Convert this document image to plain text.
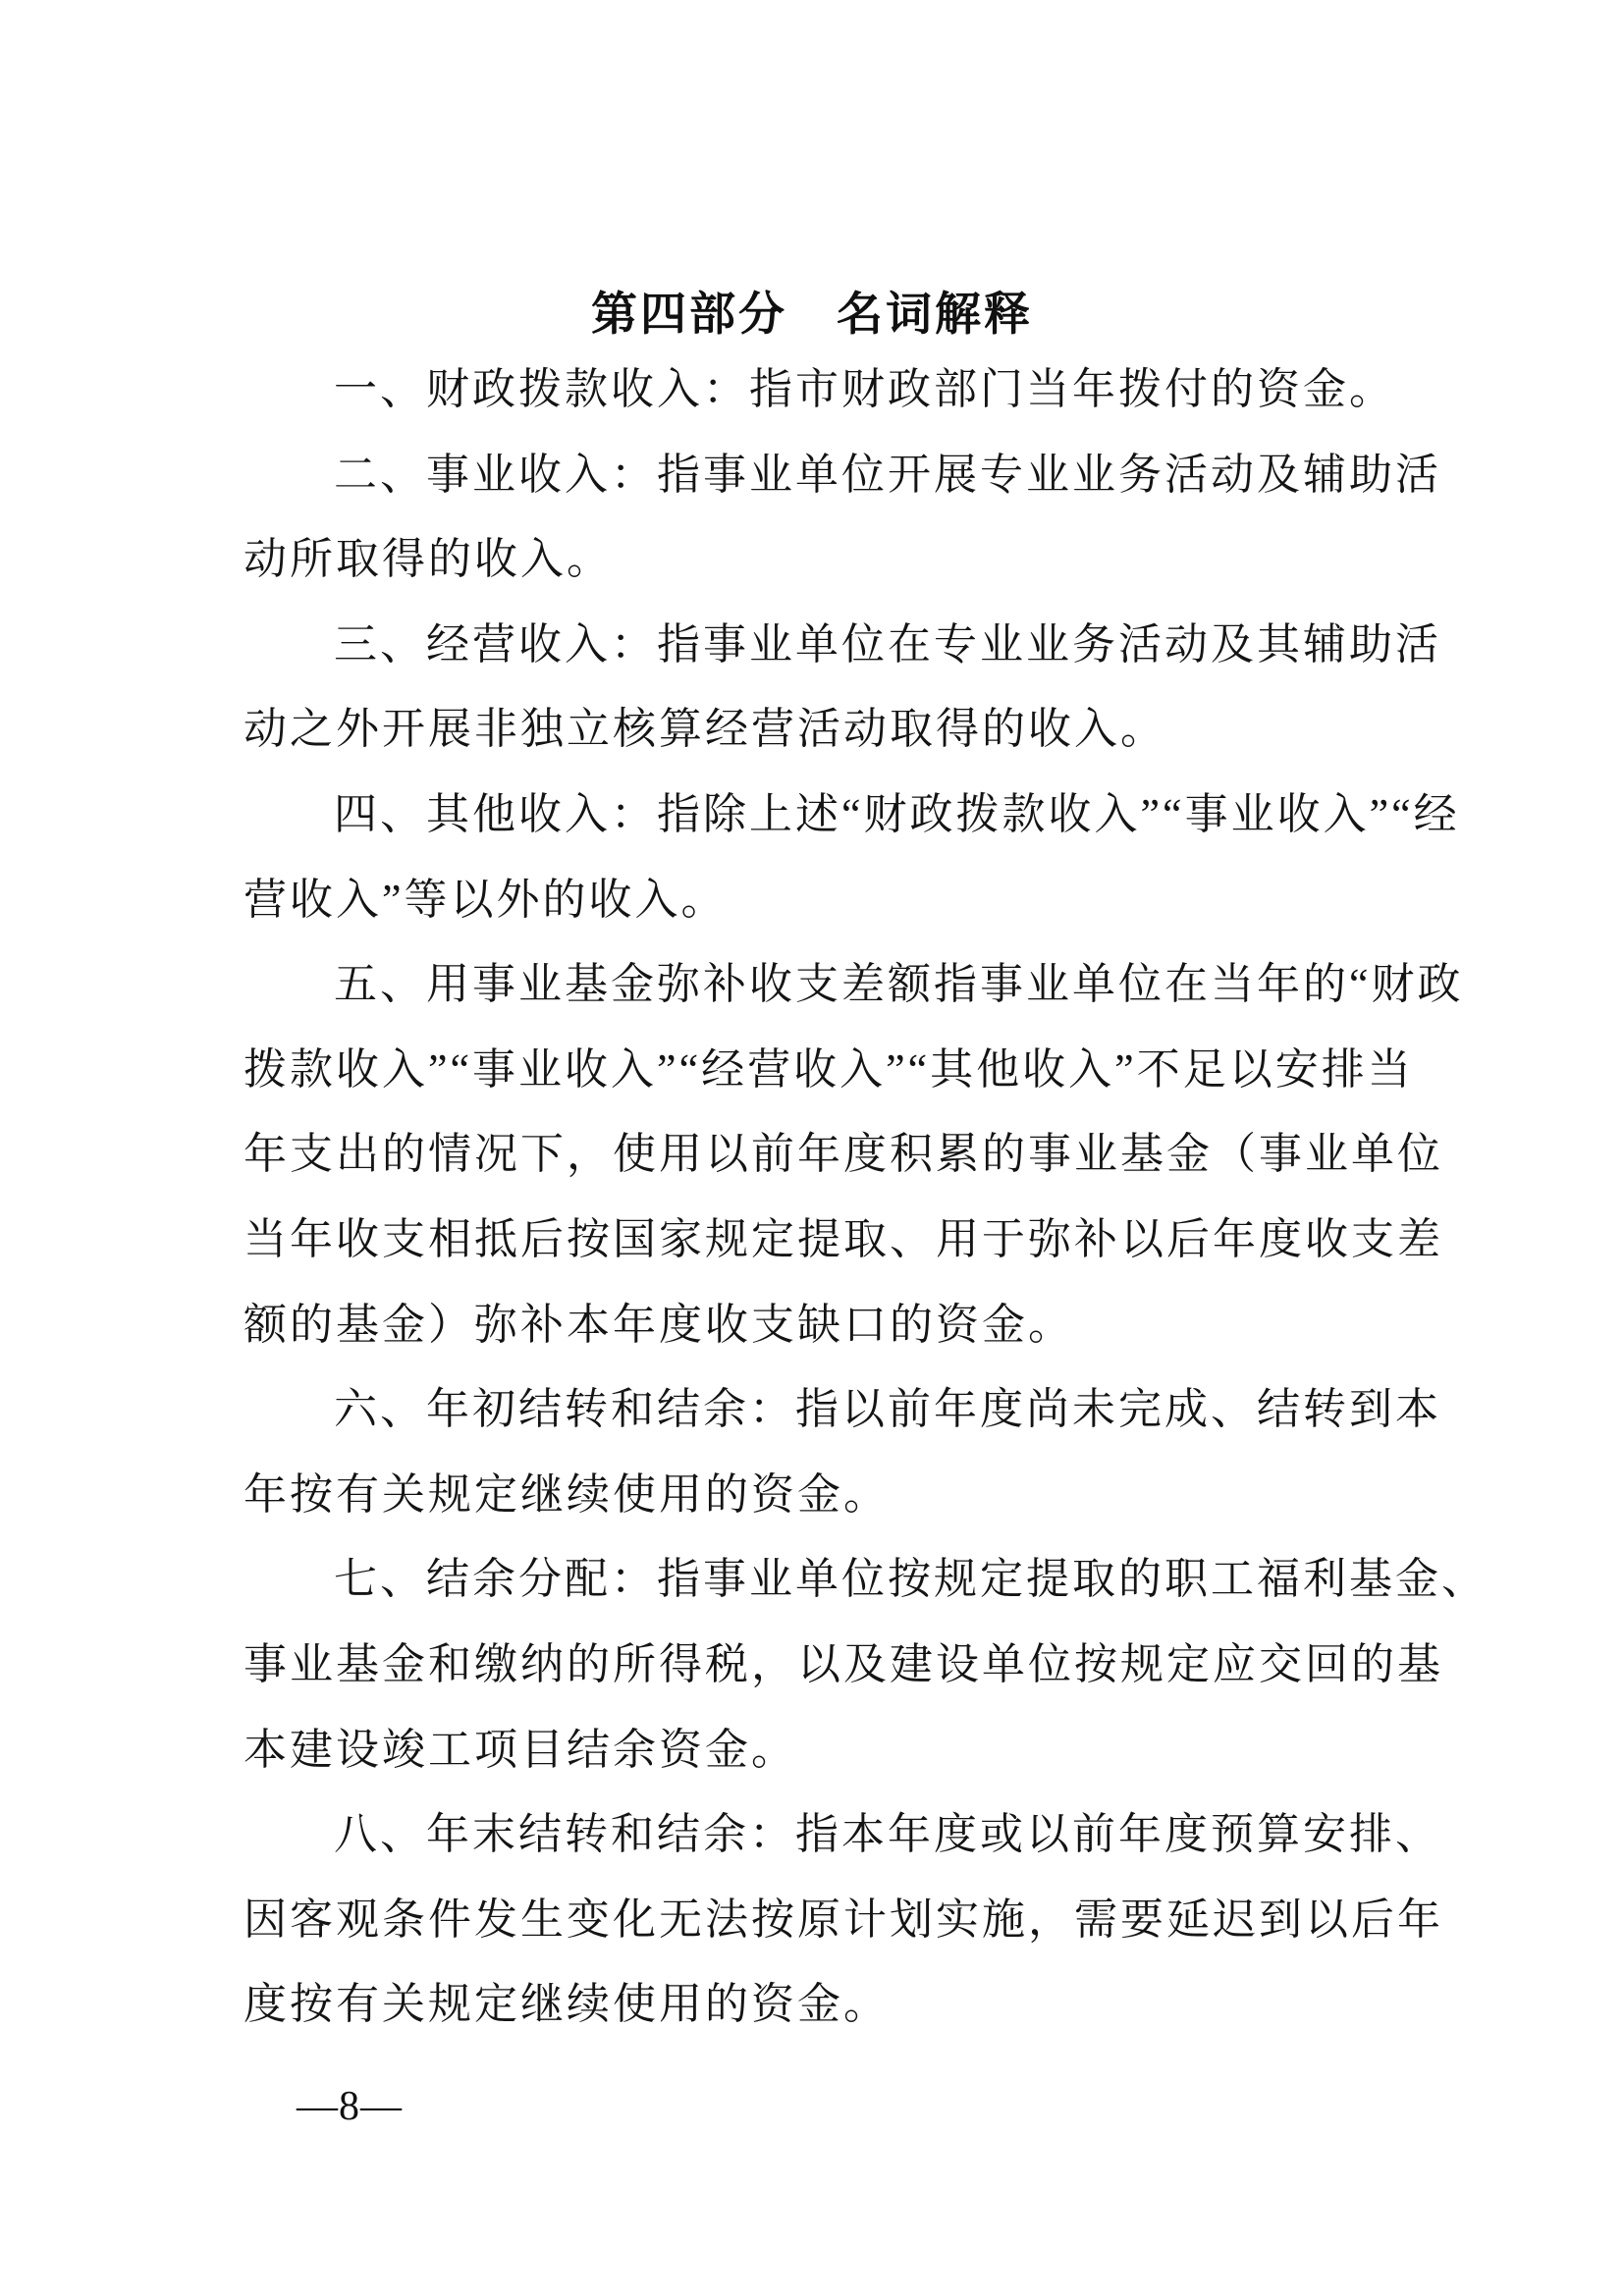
第四部分　名词解释
一、财政拨款收入：指市财政部门当年拨付的资金。
二、事业收入：指事业单位开展专业业务活动及辅助活
动所取得的收入。
三、经营收入：指事业单位在专业业务活动及其辅助活
动之外开展非独立核算经营活动取得的收入。
四、其他收入：指除上述“财政拨款收入”“事业收入”“经
营收入”等以外的收入。
五、用事业基金弥补收支差额指事业单位在当年的“财政
拨款收入”“事业收入”“经营收入”“其他收入”不足以安排当
年支出的情况下，使用以前年度积累的事业基金（事业单位
当年收支相抵后按国家规定提取、用于弥补以后年度收支差
额的基金）弥补本年度收支缺口的资金。
六、年初结转和结余：指以前年度尚未完成、结转到本
年按有关规定继续使用的资金。
七、结余分配：指事业单位按规定提取的职工福利基金、
事业基金和缴纳的所得税，以及建设单位按规定应交回的基
本建设竣工项目结余资金。
八、年末结转和结余：指本年度或以前年度预算安排、
因客观条件发生变化无法按原计划实施，需要延迟到以后年
度按有关规定继续使用的资金。
—8—
